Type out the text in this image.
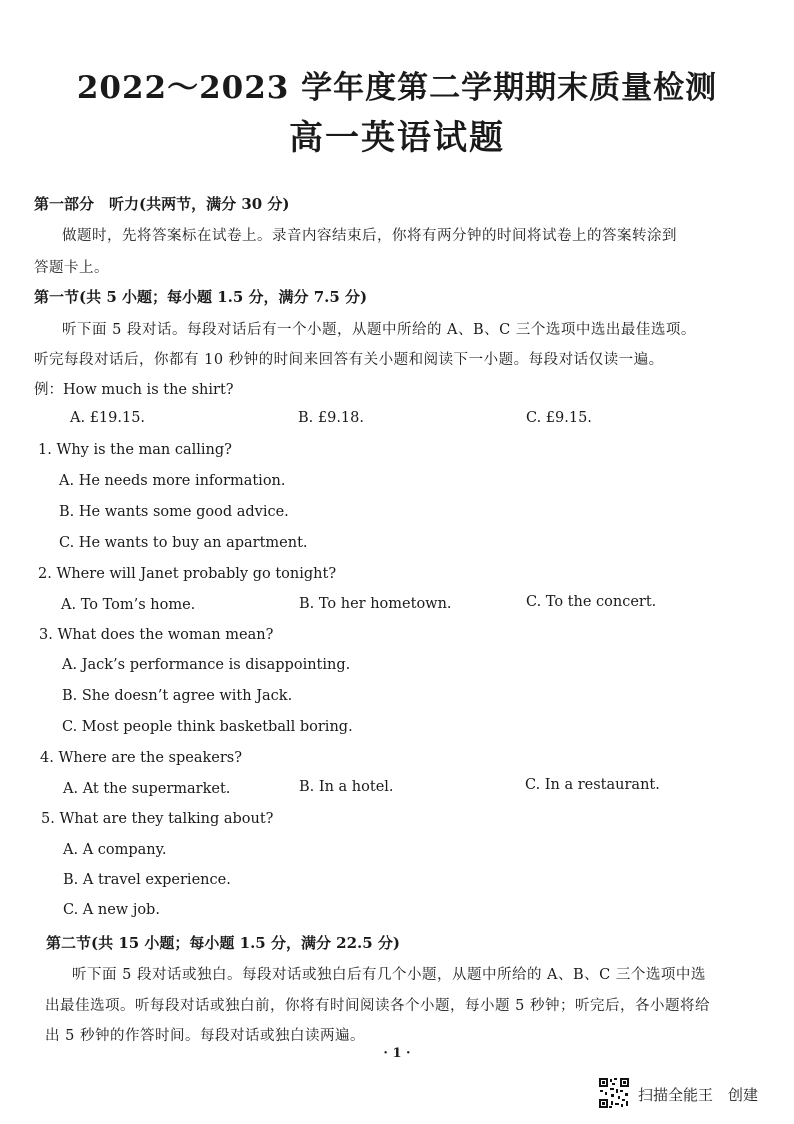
2022～2023 学年度第二学期期末质量检测
高一英语试题
第一部分　听力(共两节，满分 30 分)
做题时，先将答案标在试卷上。录音内容结束后，你将有两分钟的时间将试卷上的答案转涂到
答题卡上。
第一节(共 5 小题；每小题 1.5 分，满分 7.5 分)
听下面 5 段对话。每段对话后有一个小题，从题中所给的 A、B、C 三个选项中选出最佳选项。
听完每段对话后，你都有 10 秒钟的时间来回答有关小题和阅读下一小题。每段对话仅读一遍。
例：How much is the shirt?
A. £19.15.	B. £9.18.	C. £9.15.
1. Why is the man calling?
A. He needs more information.
B. He wants some good advice.
C. He wants to buy an apartment.
2. Where will Janet probably go tonight?
A. To Tom’s home.	B. To her hometown.	C. To the concert.
3. What does the woman mean?
A. Jack’s performance is disappointing.
B. She doesn’t agree with Jack.
C. Most people think basketball boring.
4. Where are the speakers?
A. At the supermarket.	B. In a hotel.	C. In a restaurant.
5. What are they talking about?
A. A company.
B. A travel experience.
C. A new job.
第二节(共 15 小题；每小题 1.5 分，满分 22.5 分)
听下面 5 段对话或独白。每段对话或独白后有几个小题，从题中所给的 A、B、C 三个选项中选
出最佳选项。听每段对话或独白前，你将有时间阅读各个小题，每小题 5 秒钟；听完后，各小题将给
出 5 秒钟的作答时间。每段对话或独白读两遍。
· 1 ·
扫描全能王　创建
